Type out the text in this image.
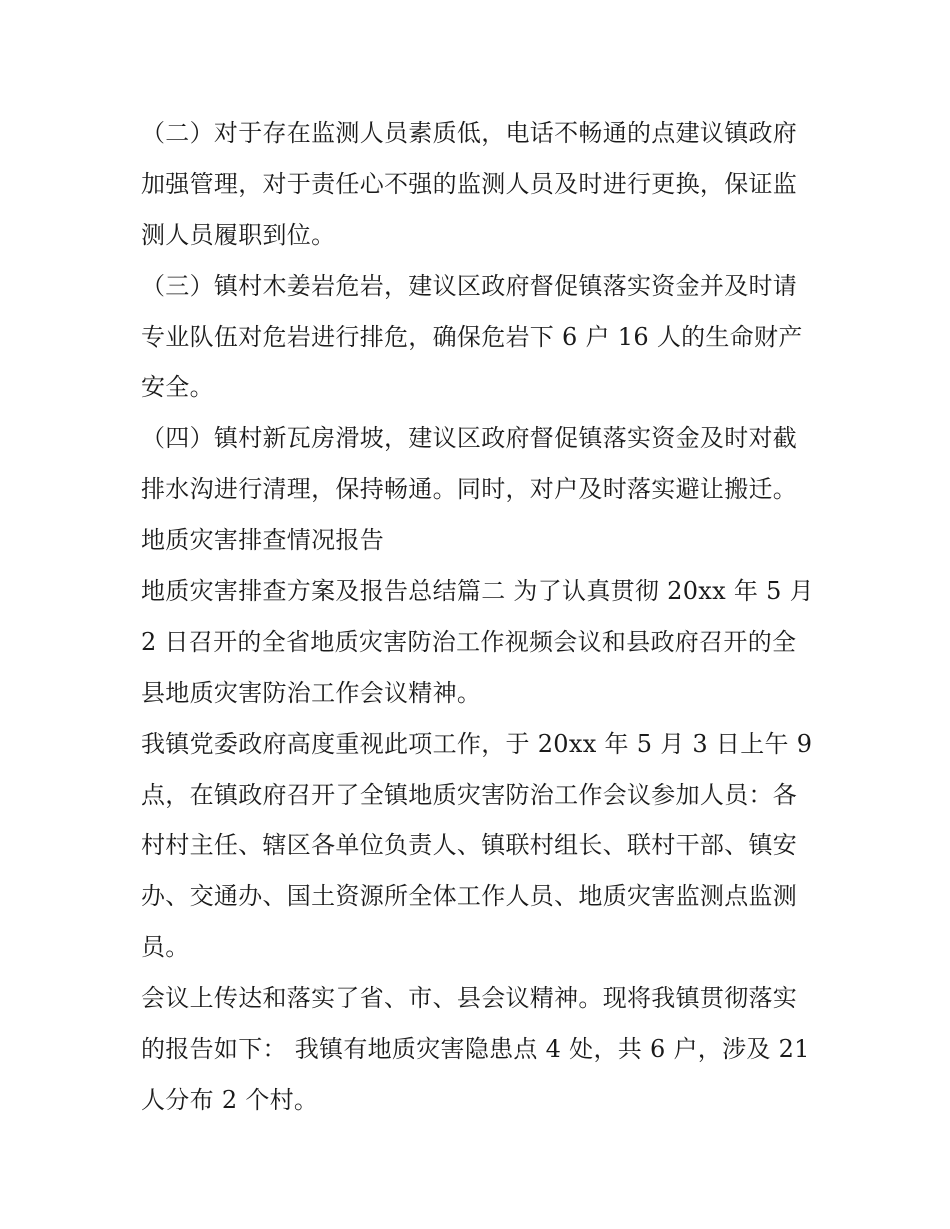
（二）对于存在监测人员素质低，电话不畅通的点建议镇政府
加强管理，对于责任心不强的监测人员及时进行更换，保证监
测人员履职到位。
（三）镇村木姜岩危岩，建议区政府督促镇落实资金并及时请
专业队伍对危岩进行排危，确保危岩下 6 户 16 人的生命财产
安全。
（四）镇村新瓦房滑坡，建议区政府督促镇落实资金及时对截
排水沟进行清理，保持畅通。同时，对户及时落实避让搬迁。
地质灾害排查情况报告
地质灾害排查方案及报告总结篇二 为了认真贯彻 20xx 年 5 月
2 日召开的全省地质灾害防治工作视频会议和县政府召开的全
县地质灾害防治工作会议精神。
我镇党委政府高度重视此项工作，于 20xx 年 5 月 3 日上午 9
点，在镇政府召开了全镇地质灾害防治工作会议参加人员：各
村村主任、辖区各单位负责人、镇联村组长、联村干部、镇安
办、交通办、国土资源所全体工作人员、地质灾害监测点监测
员。
会议上传达和落实了省、市、县会议精神。现将我镇贯彻落实
的报告如下： 我镇有地质灾害隐患点 4 处，共 6 户，涉及 21
人分布 2 个村。
